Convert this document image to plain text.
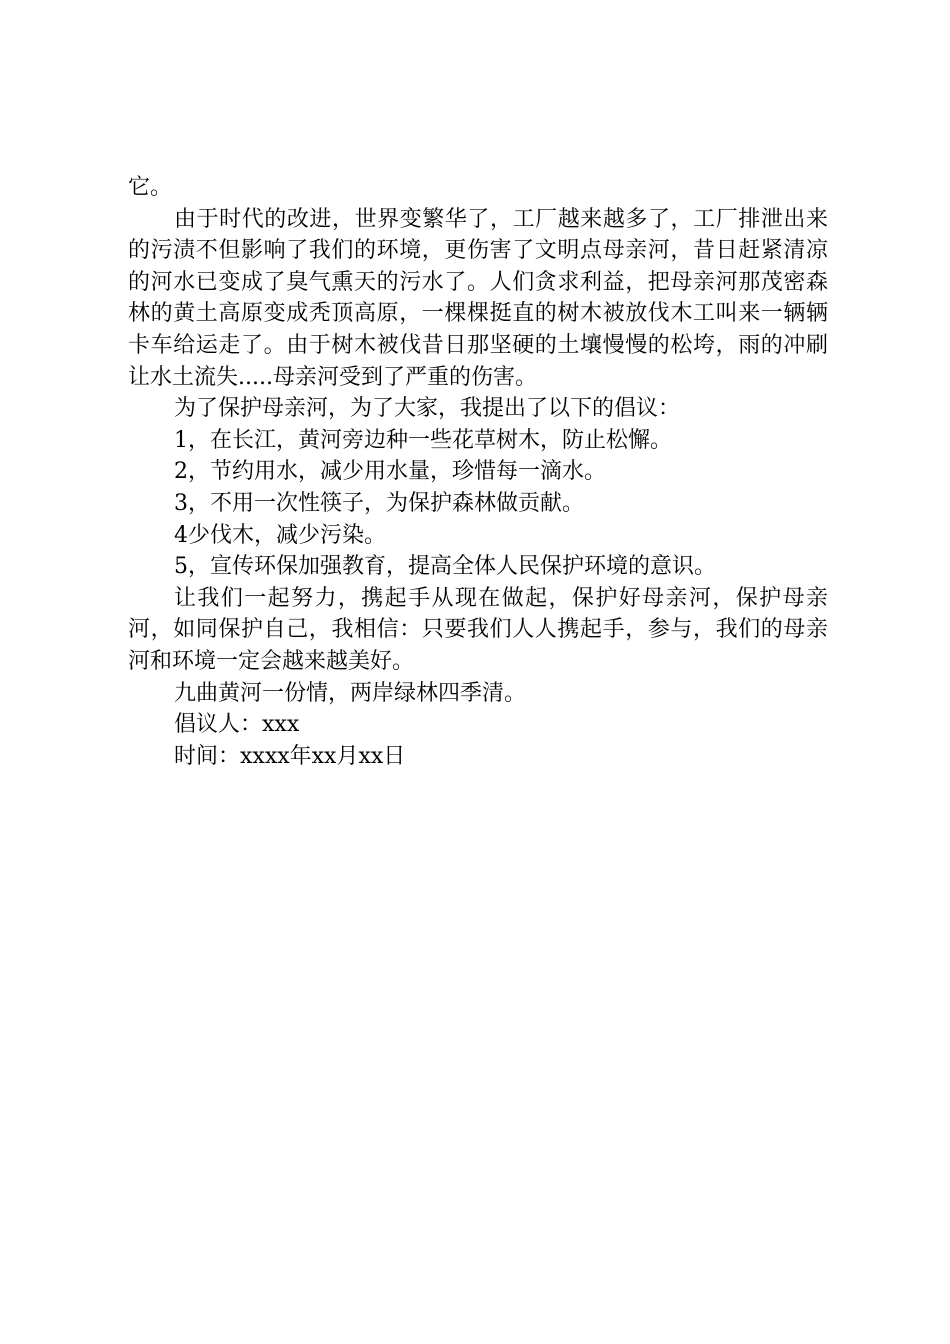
它。

由于时代的改进，世界变繁华了，工厂越来越多了，工厂排泄出来的污渍不但影响了我们的环境，更伤害了文明点母亲河，昔日赶紧清凉的河水已变成了臭气熏天的污水了。人们贪求利益，把母亲河那茂密森林的黄土高原变成秃顶高原，一棵棵挺直的树木被放伐木工叫来一辆辆卡车给运走了。由于树木被伐昔日那坚硬的土壤慢慢的松垮，雨的冲刷让水土流失.....母亲河受到了严重的伤害。

为了保护母亲河，为了大家，我提出了以下的倡议：

1，在长江，黄河旁边种一些花草树木，防止松懈。

2，节约用水，减少用水量，珍惜每一滴水。

3，不用一次性筷子，为保护森林做贡献。

4少伐木，减少污染。

5，宣传环保加强教育，提高全体人民保护环境的意识。

让我们一起努力，携起手从现在做起，保护好母亲河，保护母亲河，如同保护自己，我相信：只要我们人人携起手，参与，我们的母亲河和环境一定会越来越美好。

九曲黄河一份情，两岸绿林四季清。

倡议人：xxx

时间：xxxx年xx月xx日
